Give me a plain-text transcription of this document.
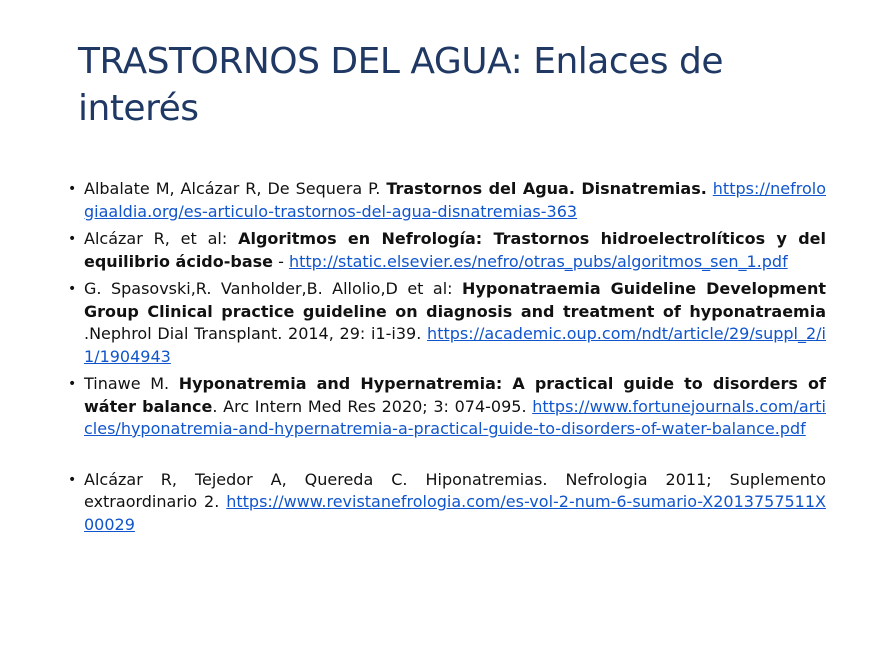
TRASTORNOS DEL AGUA: Enlaces de interés
• Albalate M, Alcázar R, De Sequera P. Trastornos del Agua. Disnatremias. https://nefrologiaaldia.org/es-articulo-trastornos-del-agua-disnatremias-363
• Alcázar R, et al: Algoritmos en Nefrología: Trastornos hidroelectrolíticos y del equilibrio ácido-base - http://static.elsevier.es/nefro/otras_pubs/algoritmos_sen_1.pdf
• G. Spasovski,R. Vanholder,B. Allolio,D et al: Hyponatraemia Guideline Development Group Clinical practice guideline on diagnosis and treatment of hyponatraemia .Nephrol Dial Transplant. 2014, 29: i1-i39. https://academic.oup.com/ndt/article/29/suppl_2/i1/1904943
• Tinawe M. Hyponatremia and Hypernatremia: A practical guide to disorders of wáter balance. Arc Intern Med Res 2020; 3: 074-095. https://www.fortunejournals.com/articles/hyponatremia-and-hypernatremia-a-practical-guide-to-disorders-of-water-balance.pdf
• Alcázar R, Tejedor A, Quereda C. Hiponatremias. Nefrologia 2011; Suplemento extraordinario 2. https://www.revistanefrologia.com/es-vol-2-num-6-sumario-X2013757511X00029
